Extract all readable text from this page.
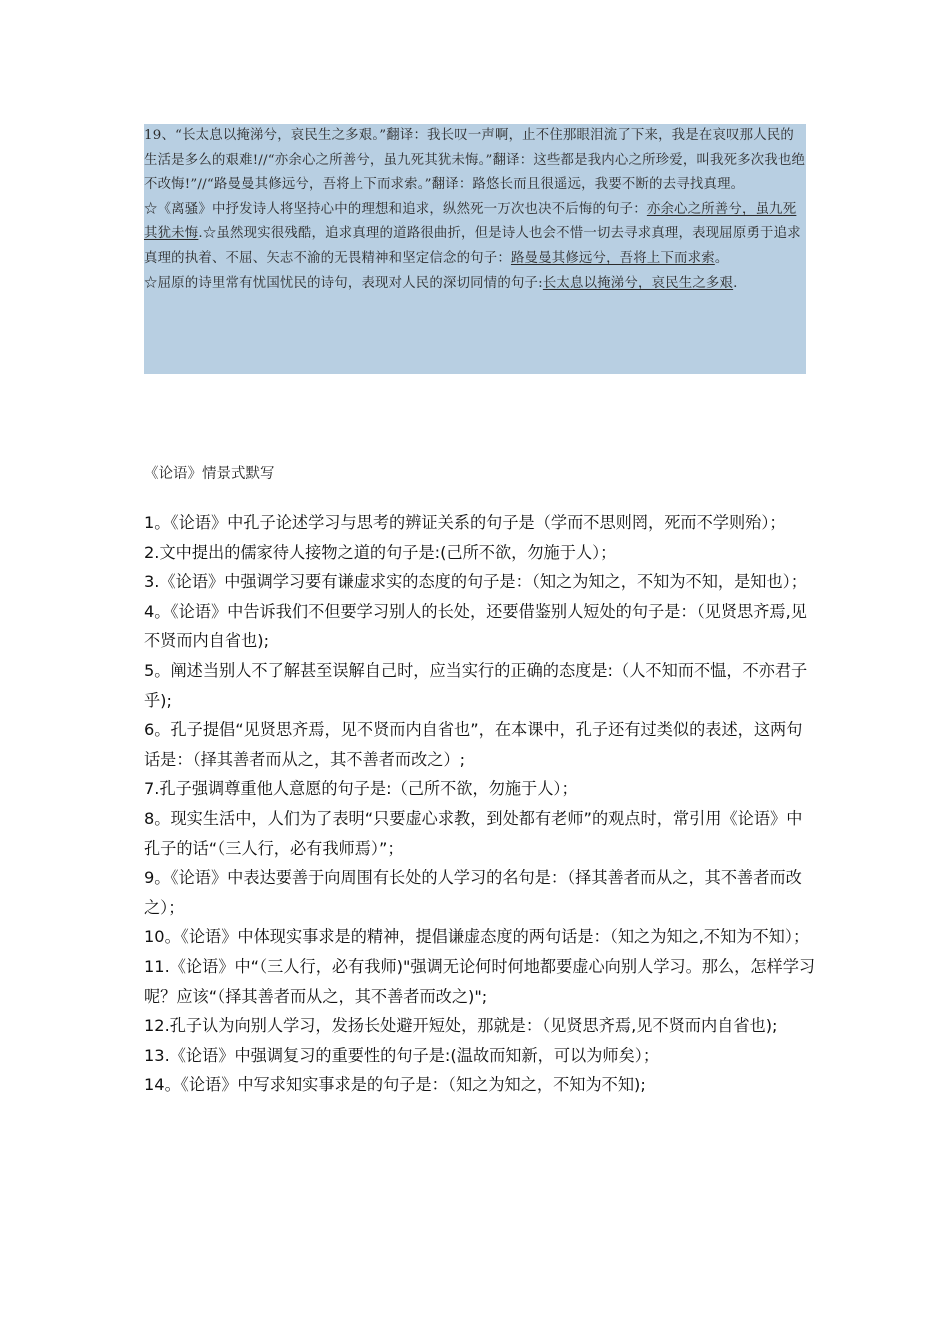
19、“长太息以掩涕兮，哀民生之多艰。”翻译：我长叹一声啊，止不住那眼泪流了下来，我是在哀叹那人民的生活是多么的艰难!//“亦余心之所善兮，虽九死其犹未悔。”翻译：这些都是我内心之所珍爱，叫我死多次我也绝不改悔!”//“路曼曼其修远兮，吾将上下而求索。”翻译：路悠长而且很遥远，我要不断的去寻找真理。

☆《离骚》中抒发诗人将坚持心中的理想和追求，纵然死一万次也决不后悔的句子：亦余心之所善兮，虽九死其犹未悔.☆虽然现实很残酷，追求真理的道路很曲折，但是诗人也会不惜一切去寻求真理，表现屈原勇于追求真理的执着、不屈、矢志不渝的无畏精神和坚定信念的句子：路曼曼其修远兮，吾将上下而求索。

☆屈原的诗里常有忧国忧民的诗句，表现对人民的深切同情的句子:长太息以掩涕兮，哀民生之多艰.

《论语》情景式默写
1。《论语》中孔子论述学习与思考的辨证关系的句子是（学而不思则罔，死而不学则殆）；
2.文中提出的儒家待人接物之道的句子是:(己所不欲，勿施于人）；
3.《论语》中强调学习要有谦虚求实的态度的句子是：（知之为知之，不知为不知，是知也）；
4。《论语》中告诉我们不但要学习别人的长处，还要借鉴别人短处的句子是：（见贤思齐焉,见不贤而内自省也);
5。阐述当别人不了解甚至误解自己时，应当实行的正确的态度是:（人不知而不愠，不亦君子乎);
6。孔子提倡“见贤思齐焉，见不贤而内自省也”，在本课中，孔子还有过类似的表述，这两句话是：（择其善者而从之，其不善者而改之）;
7.孔子强调尊重他人意愿的句子是:（己所不欲，勿施于人）；
8。现实生活中，人们为了表明“只要虚心求教，到处都有老师”的观点时，常引用《论语》中孔子的话“（三人行，必有我师焉）”；
9。《论语》中表达要善于向周围有长处的人学习的名句是：（择其善者而从之，其不善者而改之）；
10。《论语》中体现实事求是的精神，提倡谦虚态度的两句话是：（知之为知之,不知为不知）；
11.《论语》中“（三人行，必有我师)"强调无论何时何地都要虚心向别人学习。那么，怎样学习呢？应该“（择其善者而从之，其不善者而改之)";
12.孔子认为向别人学习，发扬长处避开短处，那就是：（见贤思齐焉,见不贤而内自省也);
13.《论语》中强调复习的重要性的句子是:(温故而知新，可以为师矣）；
14。《论语》中写求知实事求是的句子是：（知之为知之，不知为不知);
